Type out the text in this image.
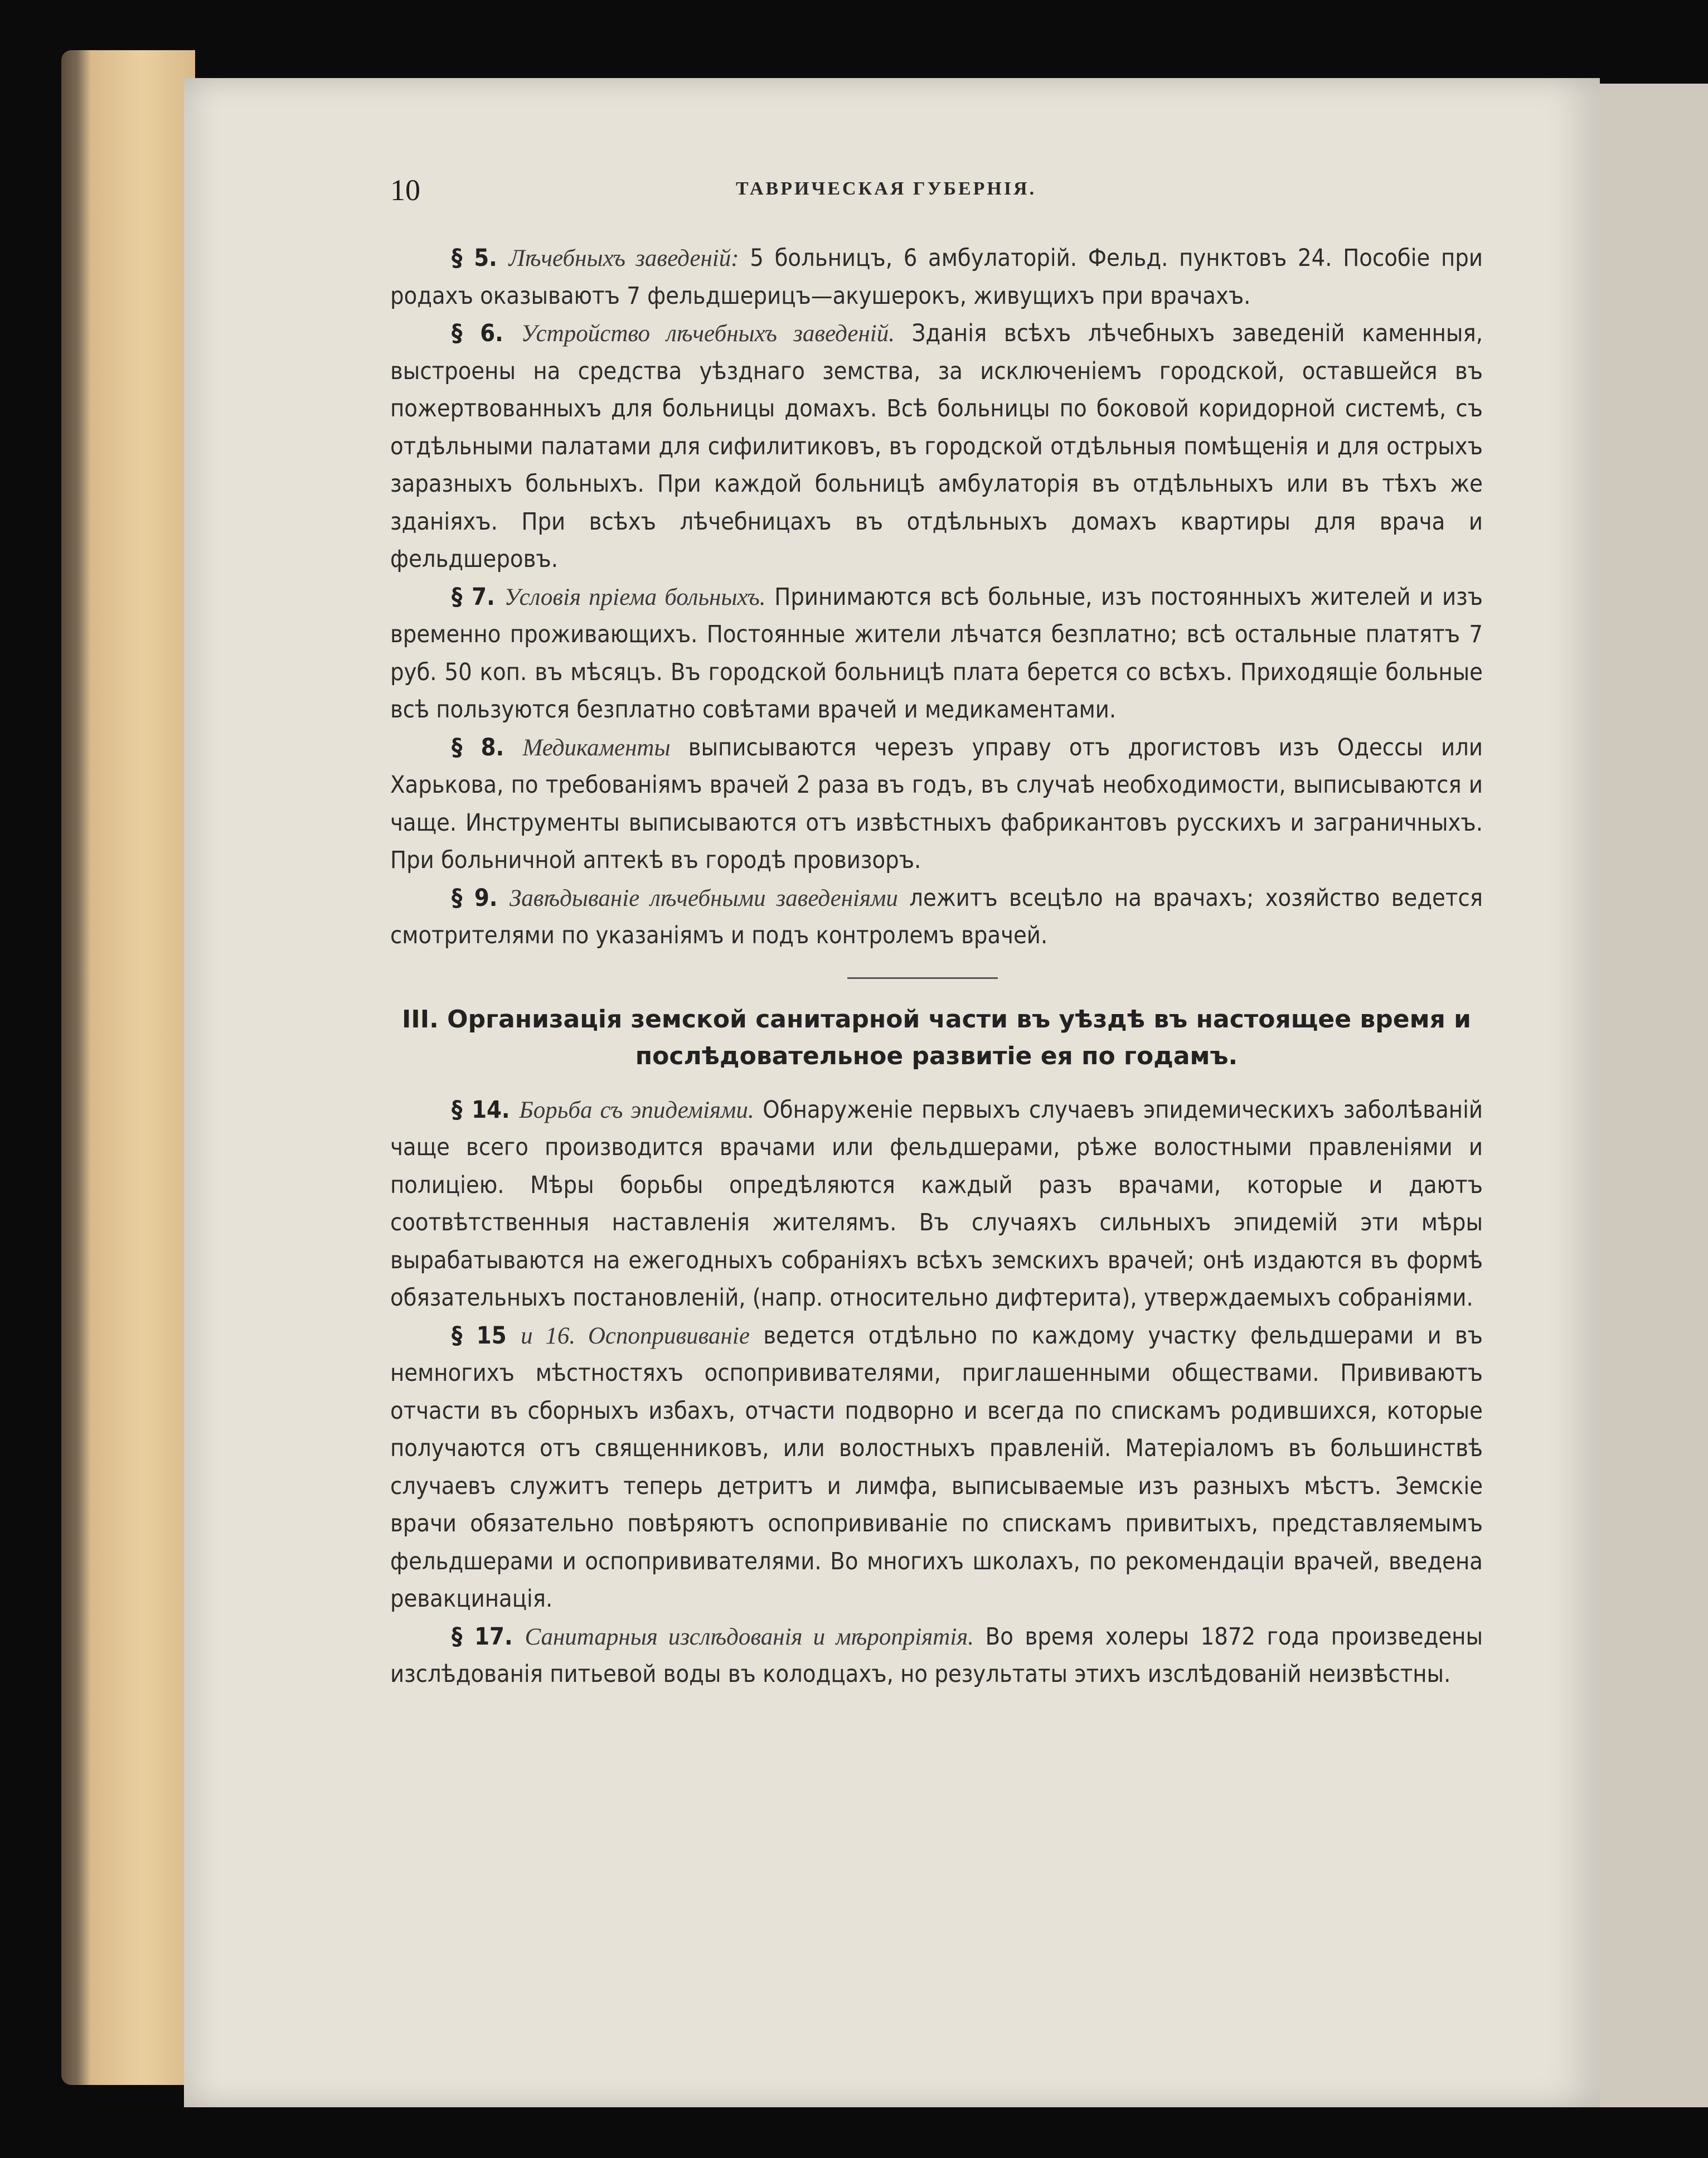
10	ТАВРИЧЕСКАЯ ГУБЕРНІЯ.

§ 5. Лѣчебныхъ заведеній: 5 больницъ, 6 амбулаторій. Фельд. пунктовъ 24. Пособіе при родахъ оказываютъ 7 фельдшерицъ—акушерокъ, живущихъ при врачахъ.

§ 6. Устройство лѣчебныхъ заведеній. Зданія всѣхъ лѣчебныхъ заведеній каменныя, выстроены на средства уѣзднаго земства, за исключеніемъ городской, оставшейся въ пожертвованныхъ для больницы домахъ. Всѣ больницы по боковой коридорной системѣ, съ отдѣльными палатами для сифилитиковъ, въ городской отдѣльныя помѣщенія и для острыхъ заразныхъ больныхъ. При каждой больницѣ амбулаторія въ отдѣльныхъ или въ тѣхъ же зданіяхъ. При всѣхъ лѣчебницахъ въ отдѣльныхъ домахъ квартиры для врача и фельдшеровъ.

§ 7. Условія пріема больныхъ. Принимаются всѣ больные, изъ постоянныхъ жителей и изъ временно проживающихъ. Постоянные жители лѣчатся безплатно; всѣ остальные платятъ 7 руб. 50 коп. въ мѣсяцъ. Въ городской больницѣ плата берется со всѣхъ. Приходящіе больные всѣ пользуются безплатно совѣтами врачей и медикаментами.

§ 8. Медикаменты выписываются черезъ управу отъ дрогистовъ изъ Одессы или Харькова, по требованіямъ врачей 2 раза въ годъ, въ случаѣ необходимости, выписываются и чаще. Инструменты выписываются отъ извѣстныхъ фабрикантовъ русскихъ и заграничныхъ. При больничной аптекѣ въ городѣ провизоръ.

§ 9. Завѣдываніе лѣчебными заведеніями лежитъ всецѣло на врачахъ; хозяйство ведется смотрителями по указаніямъ и подъ контролемъ врачей.

III. Организація земской санитарной части въ уѣздѣ въ настоящее время и послѣдовательное развитіе ея по годамъ.

§ 14. Борьба съ эпидеміями. Обнаруженіе первыхъ случаевъ эпидемическихъ заболѣваній чаще всего производится врачами или фельдшерами, рѣже волостными правленіями и полиціею. Мѣры борьбы опредѣляются каждый разъ врачами, которые и даютъ соотвѣтственныя наставленія жителямъ. Въ случаяхъ сильныхъ эпидемій эти мѣры вырабатываются на ежегодныхъ собраніяхъ всѣхъ земскихъ врачей; онѣ издаются въ формѣ обязательныхъ постановленій, (напр. относительно дифтерита), утверждаемыхъ собраніями.

§ 15 и 16. Оспопрививаніе ведется отдѣльно по каждому участку фельдшерами и въ немногихъ мѣстностяхъ оспопрививателями, приглашенными обществами. Прививаютъ отчасти въ сборныхъ избахъ, отчасти подворно и всегда по спискамъ родившихся, которые получаются отъ священниковъ, или волостныхъ правленій. Матеріаломъ въ большинствѣ случаевъ служитъ теперь детритъ и лимфа, выписываемые изъ разныхъ мѣстъ. Земскіе врачи обязательно повѣряютъ оспопрививаніе по спискамъ привитыхъ, представляемымъ фельдшерами и оспопрививателями. Во многихъ школахъ, по рекомендаціи врачей, введена ревакцинація.

§ 17. Санитарныя изслѣдованія и мѣропріятія. Во время холеры 1872 года произведены изслѣдованія питьевой воды въ колодцахъ, но результаты этихъ изслѣдованій неизвѣстны.
